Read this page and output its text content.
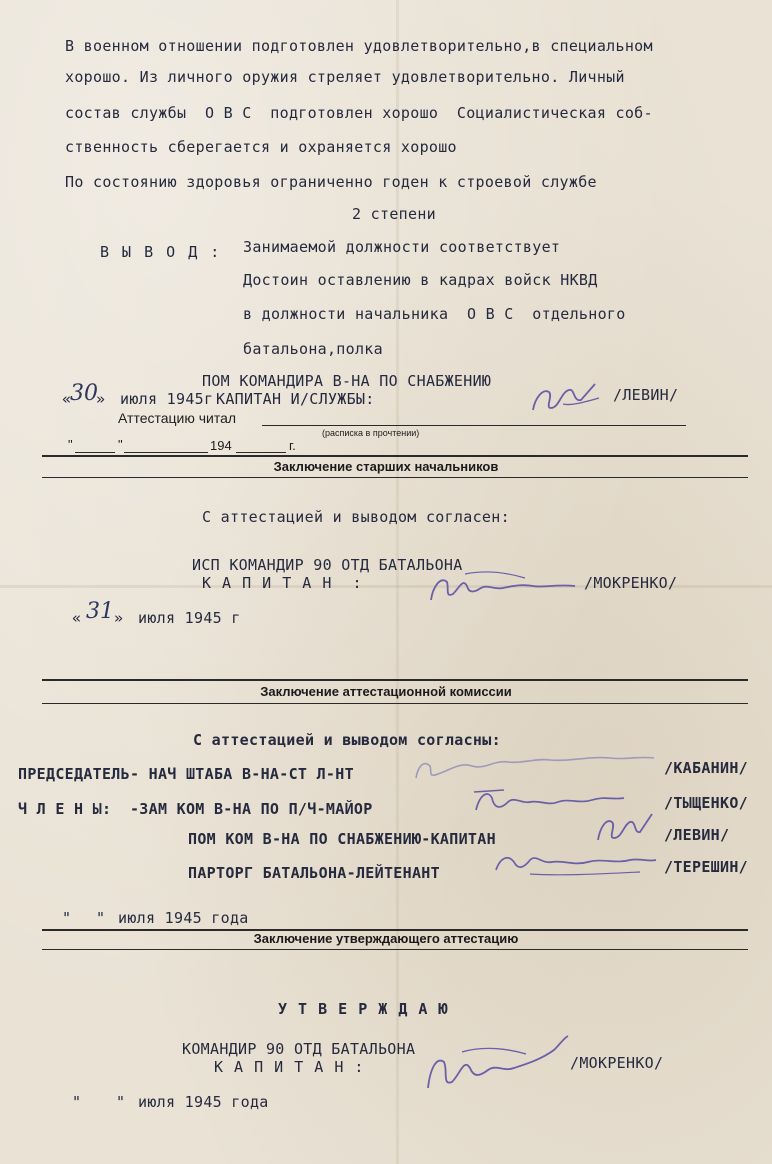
В военном отношении подготовлен удовлетворительно,в специальном
хорошо. Из личного оружия стреляет удовлетворительно. Личный
состав службы  О В С  подготовлен хорошо  Социалистическая соб-
ственность сберегается и охраняется хорошо
По состоянию здоровья ограниченно годен к строевой службе
2 степени
В Ы В О Д : Занимаемой должности соответствует
Достоин оставлению в кадрах войск НКВД
в должности начальника  О В С  отдельного
батальона,полка
ПОМ КОМАНДИРА В-НА ПО СНАБЖЕНИЮ
«
30
» июля 1945г КАПИТАН И/СЛУЖБЫ:	/ЛЕВИН/
Аттестацию читал
(расписка в прочтении)
"	"	194	г.
Заключение старших начальников
С аттестацией и выводом согласен:
ИСП КОМАНДИР 90 ОТД БАТАЛЬОНА
К А П И Т А Н  :	/МОКРЕНКО/
« 31 » июля 1945 г
Заключение аттестационной комиссии
С аттестацией и выводом согласны:
ПРЕДСЕДАТЕЛЬ- НАЧ ШТАБА В-НА-СТ Л-НТ	/КАБАНИН/
Ч Л Е Н Ы:  -ЗАМ КОМ В-НА ПО П/Ч-МАЙОР	/ТЫЩЕНКО/
ПОМ КОМ В-НА ПО СНАБЖЕНИЮ-КАПИТАН	/ЛЕВИН/
ПАРТОРГ БАТАЛЬОНА-ЛЕЙТЕНАНТ	/ТЕРЕШИН/
" " июля 1945 года
Заключение утверждающего аттестацию
У Т В Е Р Ж Д А Ю
КОМАНДИР 90 ОТД БАТАЛЬОНА
К А П И Т А Н :	/МОКРЕНКО/
" " июля 1945 года
